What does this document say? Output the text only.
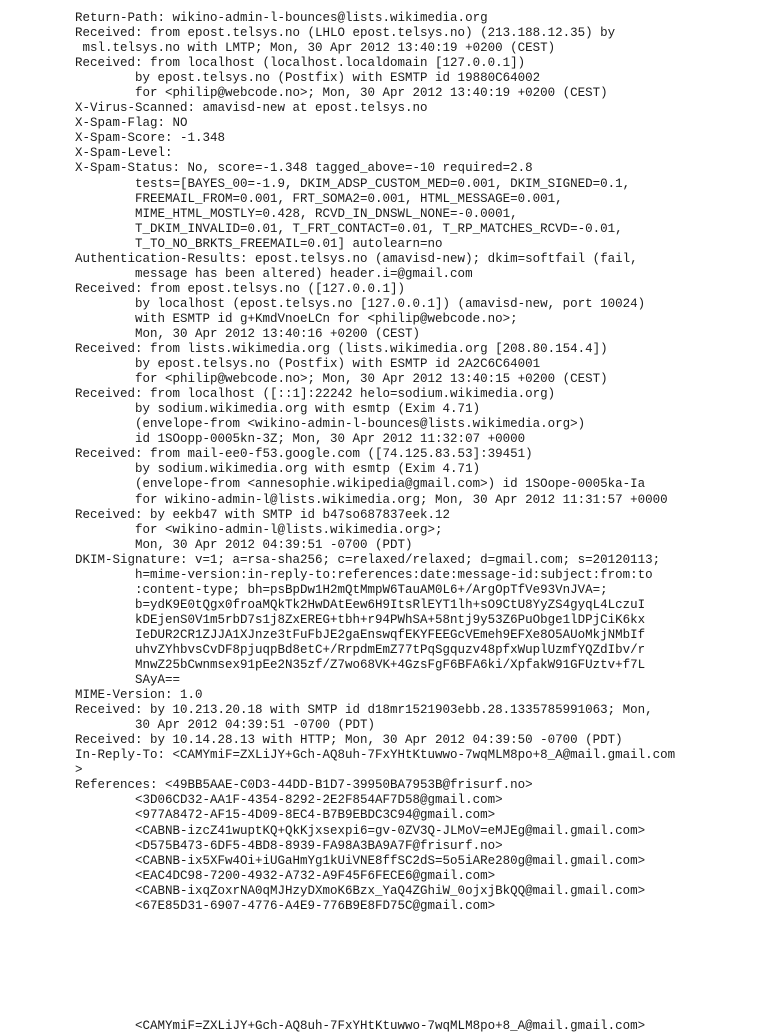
Return-Path: wikino-admin-l-bounces@lists.wikimedia.org
Received: from epost.telsys.no (LHLO epost.telsys.no) (213.188.12.35) by
msl.telsys.no with LMTP; Mon, 30 Apr 2012 13:40:19 +0200 (CEST)
Received: from localhost (localhost.localdomain [127.0.0.1])
by epost.telsys.no (Postfix) with ESMTP id 19880C64002
for <philip@webcode.no>; Mon, 30 Apr 2012 13:40:19 +0200 (CEST)
X-Virus-Scanned: amavisd-new at epost.telsys.no
X-Spam-Flag: NO
X-Spam-Score: -1.348
X-Spam-Level:
X-Spam-Status: No, score=-1.348 tagged_above=-10 required=2.8
tests=[BAYES_00=-1.9, DKIM_ADSP_CUSTOM_MED=0.001, DKIM_SIGNED=0.1,
FREEMAIL_FROM=0.001, FRT_SOMA2=0.001, HTML_MESSAGE=0.001,
MIME_HTML_MOSTLY=0.428, RCVD_IN_DNSWL_NONE=-0.0001,
T_DKIM_INVALID=0.01, T_FRT_CONTACT=0.01, T_RP_MATCHES_RCVD=-0.01,
T_TO_NO_BRKTS_FREEMAIL=0.01] autolearn=no
Authentication-Results: epost.telsys.no (amavisd-new); dkim=softfail (fail,
message has been altered) header.i=@gmail.com
Received: from epost.telsys.no ([127.0.0.1])
by localhost (epost.telsys.no [127.0.0.1]) (amavisd-new, port 10024)
with ESMTP id g+KmdVnoeLCn for <philip@webcode.no>;
Mon, 30 Apr 2012 13:40:16 +0200 (CEST)
Received: from lists.wikimedia.org (lists.wikimedia.org [208.80.154.4])
by epost.telsys.no (Postfix) with ESMTP id 2A2C6C64001
for <philip@webcode.no>; Mon, 30 Apr 2012 13:40:15 +0200 (CEST)
Received: from localhost ([::1]:22242 helo=sodium.wikimedia.org)
by sodium.wikimedia.org with esmtp (Exim 4.71)
(envelope-from <wikino-admin-l-bounces@lists.wikimedia.org>)
id 1SOopp-0005kn-3Z; Mon, 30 Apr 2012 11:32:07 +0000
Received: from mail-ee0-f53.google.com ([74.125.83.53]:39451)
by sodium.wikimedia.org with esmtp (Exim 4.71)
(envelope-from <annesophie.wikipedia@gmail.com>) id 1SOope-0005ka-Ia
for wikino-admin-l@lists.wikimedia.org; Mon, 30 Apr 2012 11:31:57 +0000
Received: by eekb47 with SMTP id b47so687837eek.12
for <wikino-admin-l@lists.wikimedia.org>;
Mon, 30 Apr 2012 04:39:51 -0700 (PDT)
DKIM-Signature: v=1; a=rsa-sha256; c=relaxed/relaxed; d=gmail.com; s=20120113;
h=mime-version:in-reply-to:references:date:message-id:subject:from:to
:content-type; bh=psBpDw1H2mQtMmpW6TauAM0L6+/ArgOpTfVe93VnJVA=;
b=ydK9E0tQgx0froaMQkTk2HwDAtEew6H9ItsRlEYT1lh+sO9CtU8YyZS4gyqL4LczuI
kDEjenS0V1m5rbD7s1j8ZxEREG+tbh+r94PWhSA+58ntj9y53Z6PuObge1lDPjCiK6kx
IeDUR2CR1ZJJA1XJnze3tFuFbJE2gaEnswqfEKYFEEGcVEmeh9EFXe8O5AUoMkjNMbIf
uhvZYhbvsCvDF8pjuqpBd8etC+/RrpdmEmZ77tPqSgquzv48pfxWuplUzmfYQZdIbv/r
MnwZ25bCwnmsex91pEe2N35zf/Z7wo68VK+4GzsFgF6BFA6ki/XpfakW91GFUztv+f7L
SAyA==
MIME-Version: 1.0
Received: by 10.213.20.18 with SMTP id d18mr1521903ebb.28.1335785991063; Mon,
30 Apr 2012 04:39:51 -0700 (PDT)
Received: by 10.14.28.13 with HTTP; Mon, 30 Apr 2012 04:39:50 -0700 (PDT)
In-Reply-To: <CAMYmiF=ZXLiJY+Gch-AQ8uh-7FxYHtKtuwwo-7wqMLM8po+8_A@mail.gmail.com
>
References: <49BB5AAE-C0D3-44DD-B1D7-39950BA7953B@frisurf.no>
<3D06CD32-AA1F-4354-8292-2E2F854AF7D58@gmail.com>
<977A8472-AF15-4D09-8EC4-B7B9EBDC3C94@gmail.com>
<CABNB-izcZ41wuptKQ+QkKjxsexpi6=gv-0ZV3Q-JLMoV=eMJEg@mail.gmail.com>
<D575B473-6DF5-4BD8-8939-FA98A3BA9A7F@frisurf.no>
<CABNB-ix5XFw4Oi+iUGaHmYg1kUiVNE8ffSC2dS=5o5iARe280g@mail.gmail.com>
<EAC4DC98-7200-4932-A732-A9F45F6FECE6@gmail.com>
<CABNB-ixqZoxrNA0qMJHzyDXmoK6Bzx_YaQ4ZGhiW_0ojxjBkQQ@mail.gmail.com>
<67E85D31-6907-4776-A4E9-776B9E8FD75C@gmail.com>
<CAMYmiF=ZXLiJY+Gch-AQ8uh-7FxYHtKtuwwo-7wqMLM8po+8_A@mail.gmail.com>
